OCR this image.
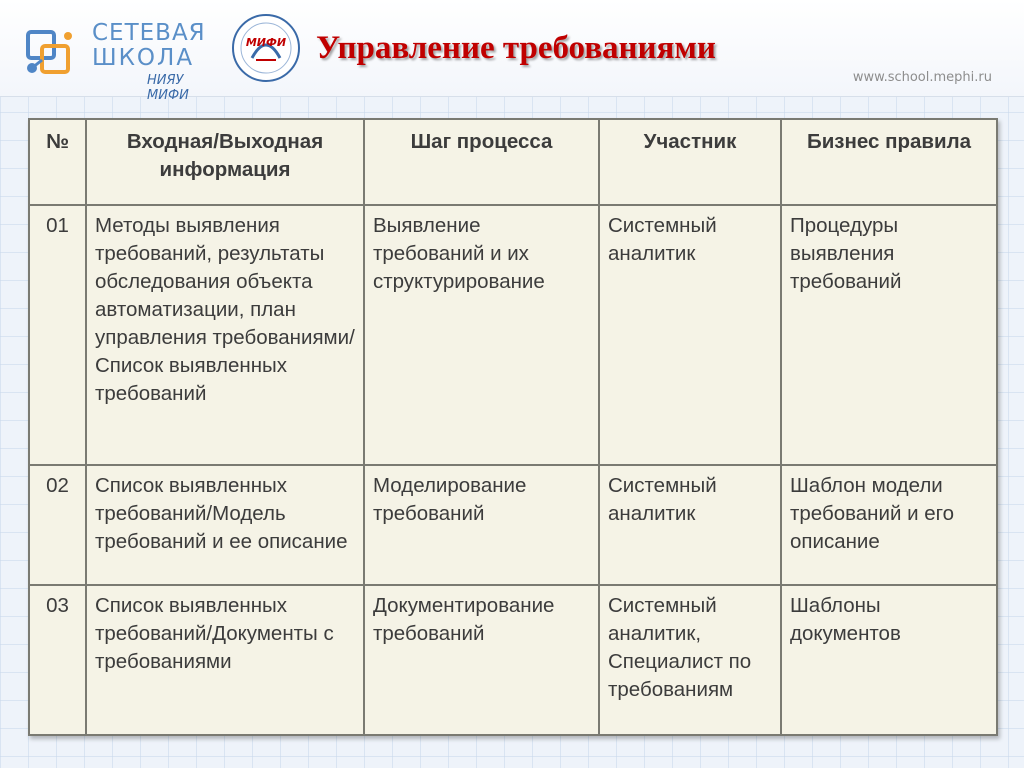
СЕТЕВАЯ
ШКОЛА
НИЯУ МИФИ
МИФИ Управление требованиями
www.school.mephi.ru
№	Входная/Выходная информация	Шаг процесса	Участник	Бизнес правила
01	Методы выявления требований, результаты обследования объекта автоматизации, план управления требованиями/Список выявленных требований	Выявление требований и их структурирование	Системный аналитик	Процедуры выявления требований
02	Список выявленных требований/Модель требований и ее описание	Моделирование требований	Системный аналитик	Шаблон модели требований и его описание
03	Список выявленных требований/Документы с требованиями	Документирование требований	Системный аналитик, Специалист по требованиям	Шаблоны документов
